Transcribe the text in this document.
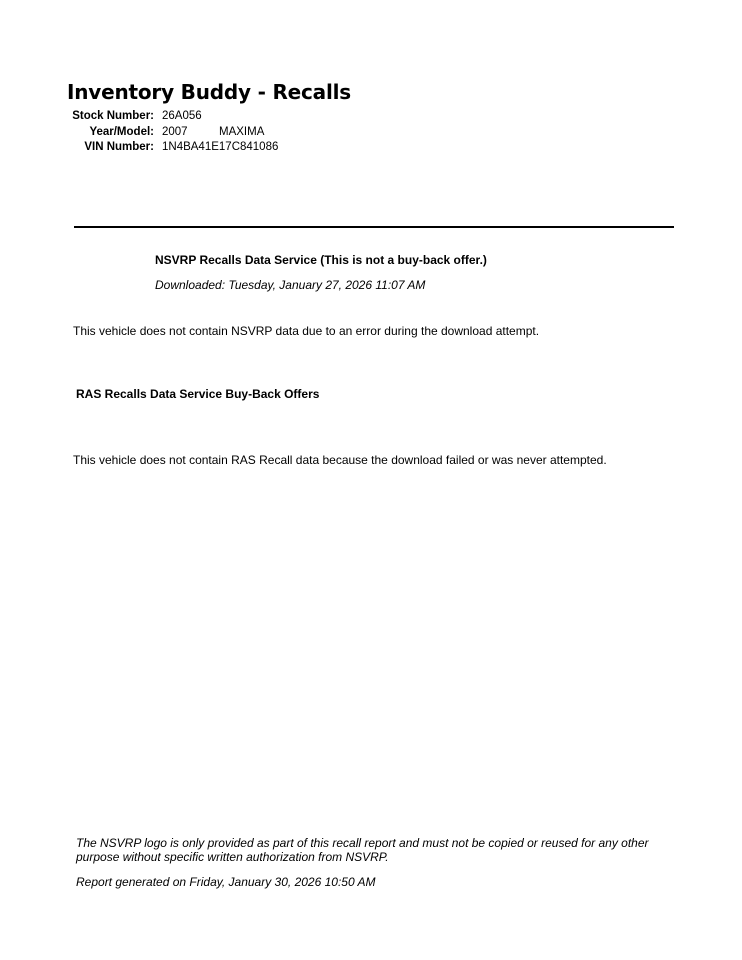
Inventory Buddy - Recalls
Stock Number: 26A056
Year/Model: 2007	MAXIMA
VIN Number: 1N4BA41E17C841086
NSVRP Recalls Data Service (This is not a buy-back offer.)
Downloaded: Tuesday, January 27, 2026 11:07 AM
This vehicle does not contain NSVRP data due to an error during the download attempt.
RAS Recalls Data Service Buy-Back Offers
This vehicle does not contain RAS Recall data because the download failed or was never attempted.
The NSVRP logo is only provided as part of this recall report and must not be copied or reused for any other purpose without specific written authorization from NSVRP.
Report generated on Friday, January 30, 2026 10:50 AM
